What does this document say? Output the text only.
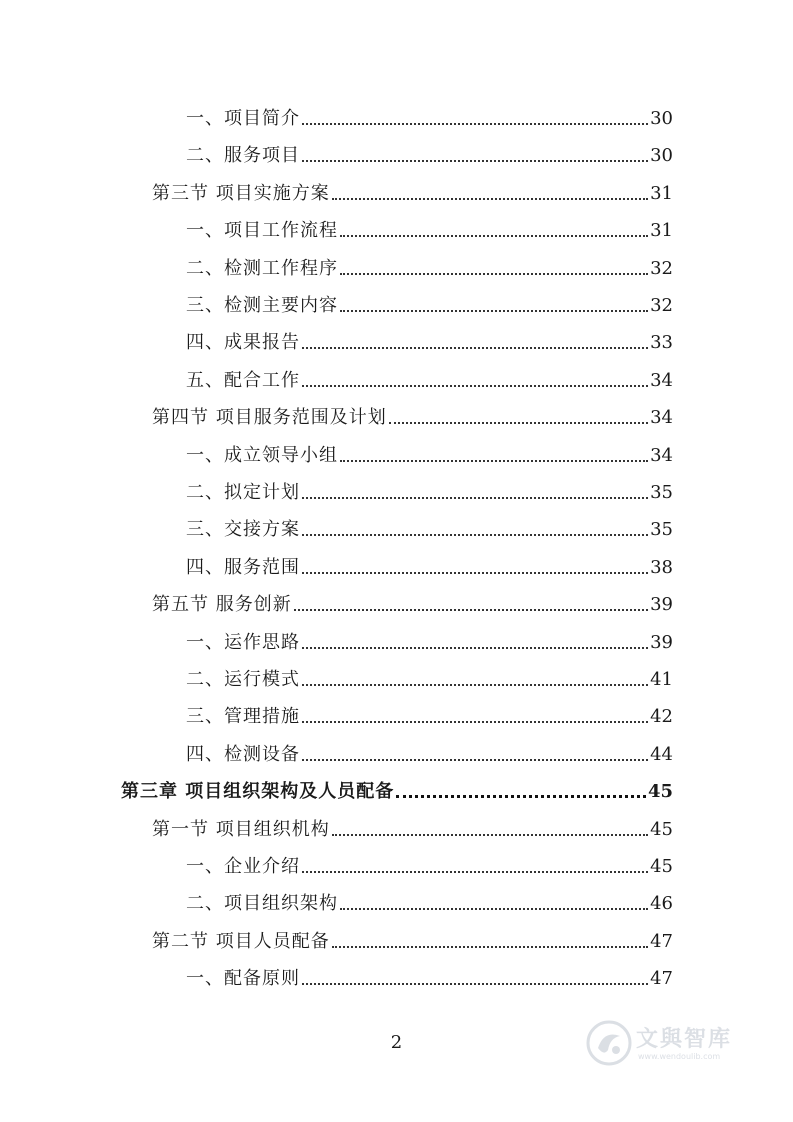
一、项目简介	30
二、服务项目	30
第三节 项目实施方案	31
一、项目工作流程	31
二、检测工作程序	32
三、检测主要内容	32
四、成果报告	33
五、配合工作	34
第四节 项目服务范围及计划	34
一、成立领导小组	34
二、拟定计划	35
三、交接方案	35
四、服务范围	38
第五节 服务创新	39
一、运作思路	39
二、运行模式	41
三、管理措施	42
四、检测设备	44
第三章 项目组织架构及人员配备	45
第一节 项目组织机构	45
一、企业介绍	45
二、项目组织架构	46
第二节 项目人员配备	47
一、配备原则	47
2	文與智库
www.wendoulib.com
